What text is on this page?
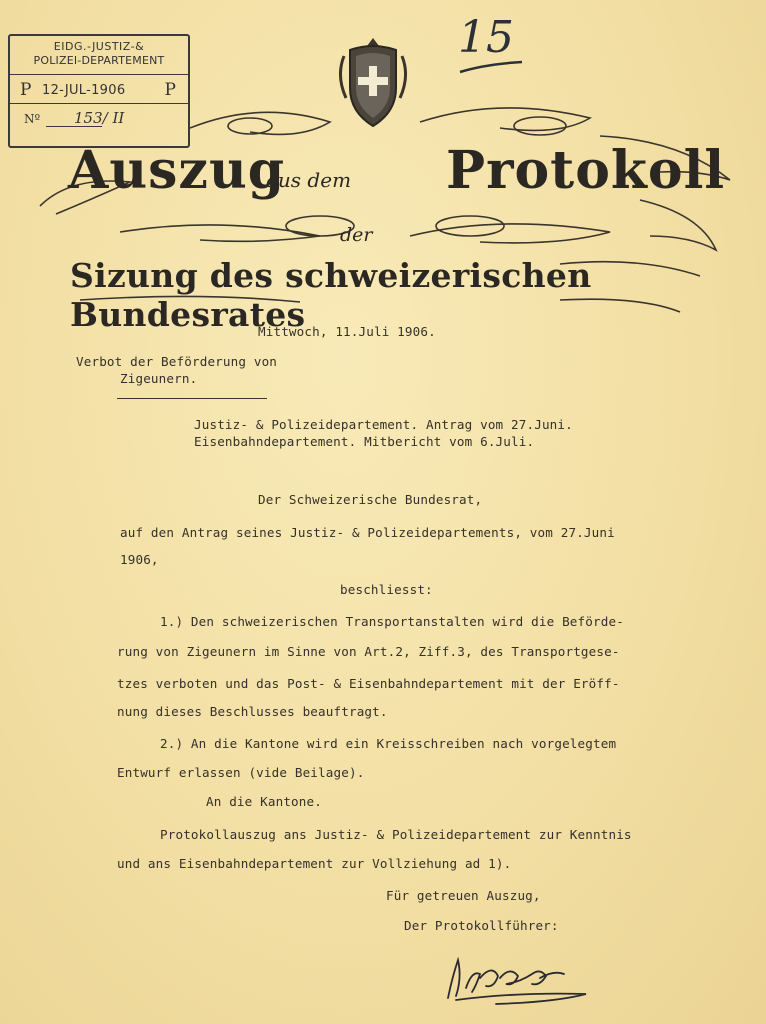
EIDG.-JUSTIZ-&
POLIZEI-DEPARTEMENT
P 12-JUL-1906 P
Nº 153/ II
15
Auszug
aus dem Protokoll
der
Sizung des schweizerischen Bundesrates
Mittwoch, 11.Juli 1906.
Verbot der Beförderung von
Zigeunern.
Justiz- & Polizeidepartement. Antrag vom 27.Juni.
Eisenbahndepartement. Mitbericht vom 6.Juli.
Der Schweizerische Bundesrat,
auf den Antrag seines Justiz- & Polizeidepartements, vom 27.Juni
1906,
beschliesst:
1.) Den schweizerischen Transportanstalten wird die Beförde-
rung von Zigeunern im Sinne von Art.2, Ziff.3, des Transportgese-
tzes verboten und das Post- & Eisenbahndepartement mit der Eröff-
nung dieses Beschlusses beauftragt.
2.) An die Kantone wird ein Kreisschreiben nach vorgelegtem
Entwurf erlassen (vide Beilage).
An die Kantone.
Protokollauszug ans Justiz- & Polizeidepartement zur Kenntnis
und ans Eisenbahndepartement zur Vollziehung ad 1).
Für getreuen Auszug,
Der Protokollführer:
